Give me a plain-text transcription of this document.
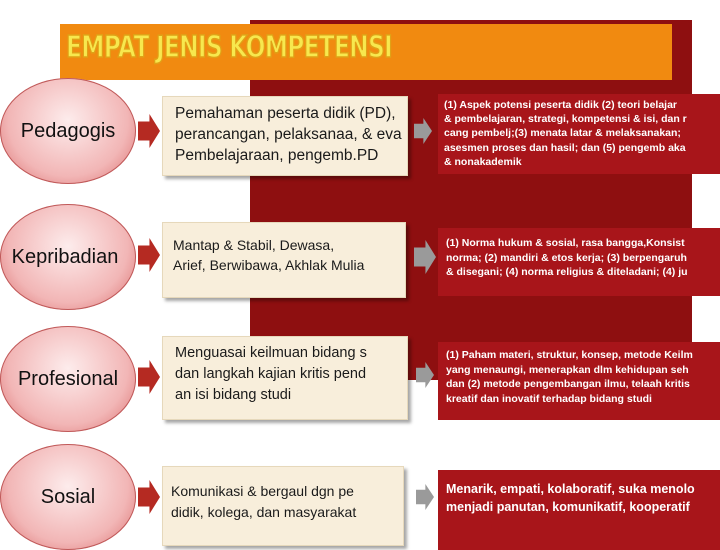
EMPAT JENIS KOMPETENSI
Pedagogis
Pemahaman peserta didik (PD),
perancangan, pelaksanaa, & eva
Pembelajaraan, pengemb.PD
(1) Aspek potensi peserta didik (2) teori belajar
& pembelajaran, strategi, kompetensi & isi, dan r
cang pembelj;(3) menata latar & melaksanakan;
asesmen proses dan hasil; dan (5) pengemb aka
& nonakademik
Kepribadian
Mantap & Stabil, Dewasa,
Arief, Berwibawa, Akhlak Mulia
(1) Norma hukum & sosial, rasa bangga,Konsist
norma; (2) mandiri & etos kerja; (3) berpengaruh
& disegani; (4) norma religius & diteladani; (4) ju
Profesional
Menguasai keilmuan bidang s
dan langkah kajian kritis pend
an isi bidang studi
(1) Paham materi, struktur, konsep, metode Keilm
yang menaungi, menerapkan dlm kehidupan seh
dan (2) metode pengembangan ilmu, telaah kritis
kreatif dan inovatif terhadap bidang studi
Sosial	Komunikasi & bergaul dgn pe
didik, kolega, dan masyarakat
Menarik, empati, kolaboratif, suka menolo
menjadi panutan, komunikatif, kooperatif
